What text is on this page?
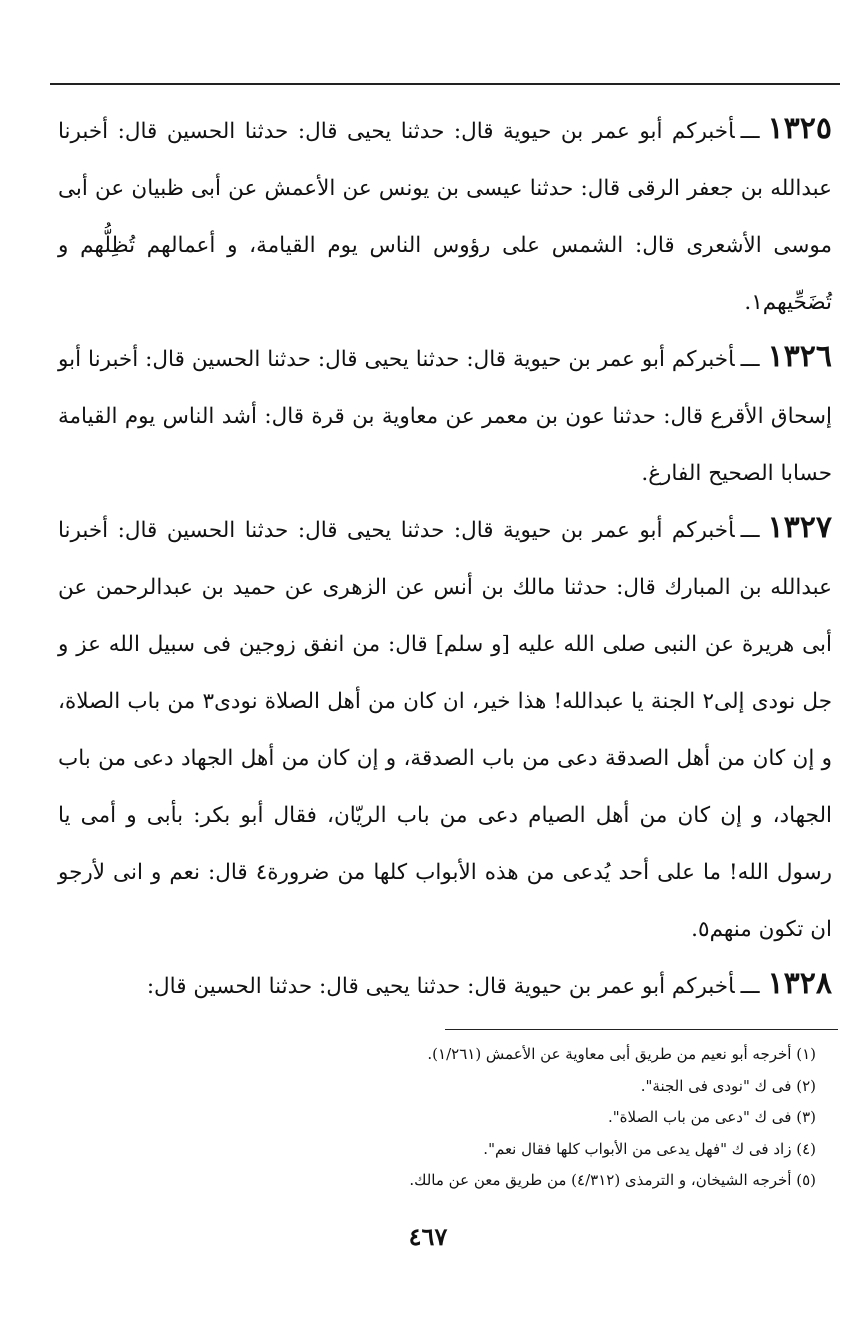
١٣٢٥ـــأخبركم أبو عمر بن حيوية قال: حدثنا يحيى قال: حدثنا الحسين قال: أخبرنا عبدالله بن جعفر الرقى قال: حدثنا عيسى بن يونس عن الأعمش عن أبى ظبيان عن أبى موسى الأشعرى قال: الشمس على رؤوس الناس يوم القيامة، و أعمالهم تُظِلُّهم و تُضَحِّيهم١.
١٣٢٦ـــأخبركم أبو عمر بن حيوية قال: حدثنا يحيى قال: حدثنا الحسين قال: أخبرنا أبو إسحاق الأقرع قال: حدثنا عون بن معمر عن معاوية بن قرة قال: أشد الناس يوم القيامة حسابا الصحيح الفارغ.
١٣٢٧ـــأخبركم أبو عمر بن حيوية قال: حدثنا يحيى قال: حدثنا الحسين قال: أخبرنا عبدالله بن المبارك قال: حدثنا مالك بن أنس عن الزهرى عن حميد بن عبدالرحمن عن أبى هريرة عن النبى صلى الله عليه [و سلم] قال: من انفق زوجين فى سبيل الله عز و جل نودى إلى٢ الجنة يا عبدالله! هذا خير، ان كان من أهل الصلاة نودى٣ من باب الصلاة، و إن كان من أهل الصدقة دعى من باب الصدقة، و إن كان من أهل الجهاد دعى من باب الجهاد، و إن كان من أهل الصيام دعى من باب الريّان، فقال أبو بكر: بأبى و أمى يا رسول الله! ما على أحد يُدعى من هذه الأبواب كلها من ضرورة٤ قال: نعم و انى لأرجو ان تكون منهم٥.
١٣٢٨ـــأخبركم أبو عمر بن حيوية قال: حدثنا يحيى قال: حدثنا الحسين قال:
(١) أخرجه أبو نعيم من طريق أبى معاوية عن الأعمش (١/٢٦١).
(٢) فى ك "نودى فى الجنة".
(٣) فى ك "دعى من باب الصلاة".
(٤) زاد فى ك "فهل يدعى من الأبواب كلها فقال نعم".
(٥) أخرجه الشيخان، و الترمذى (٤/٣١٢) من طريق معن عن مالك.
٤٦٧
